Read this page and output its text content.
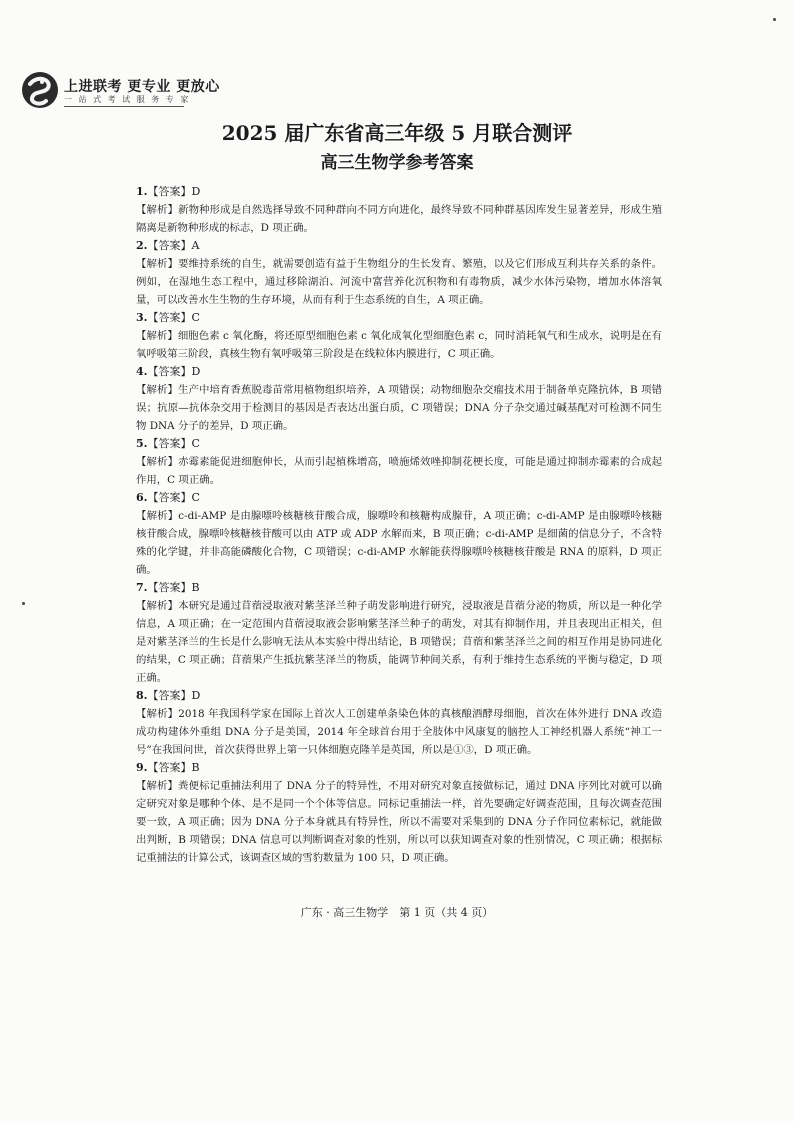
上进联考 更专业 更放心
一 站 式 考 试 服 务 专 家
2025 届广东省高三年级 5 月联合测评
高三生物学参考答案
1.【答案】D
【解析】新物种形成是自然选择导致不同种群向不同方向进化，最终导致不同种群基因库发生显著差异，形成生殖隔离是新物种形成的标志，D 项正确。
2.【答案】A
【解析】要维持系统的自生，就需要创造有益于生物组分的生长发育、繁殖，以及它们形成互利共存关系的条件。例如，在湿地生态工程中，通过移除湖泊、河流中富营养化沉积物和有毒物质，减少水体污染物，增加水体溶氧量，可以改善水生生物的生存环境，从而有利于生态系统的自生，A 项正确。
3.【答案】C
【解析】细胞色素 c 氧化酶，将还原型细胞色素 c 氧化成氧化型细胞色素 c，同时消耗氧气和生成水，说明是在有氧呼吸第三阶段，真核生物有氧呼吸第三阶段是在线粒体内膜进行，C 项正确。
4.【答案】D
【解析】生产中培育香蕉脱毒苗常用植物组织培养，A 项错误；动物细胞杂交瘤技术用于制备单克隆抗体，B 项错误；抗原—抗体杂交用于检测目的基因是否表达出蛋白质，C 项错误；DNA 分子杂交通过碱基配对可检测不同生物 DNA 分子的差异，D 项正确。
5.【答案】C
【解析】赤霉素能促进细胞伸长，从而引起植株增高，喷施烯效唑抑制花梗长度，可能是通过抑制赤霉素的合成起作用，C 项正确。
6.【答案】C
【解析】c-di-AMP 是由腺嘌呤核糖核苷酸合成，腺嘌呤和核糖构成腺苷，A 项正确；c-di-AMP 是由腺嘌呤核糖核苷酸合成，腺嘌呤核糖核苷酸可以由 ATP 或 ADP 水解而来，B 项正确；c-di-AMP 是细菌的信息分子，不含特殊的化学键，并非高能磷酸化合物，C 项错误；c-di-AMP 水解能获得腺嘌呤核糖核苷酸是 RNA 的原料，D 项正确。
7.【答案】B
【解析】本研究是通过苜蓿浸取液对紫茎泽兰种子萌发影响进行研究，浸取液是苜蓿分泌的物质，所以是一种化学信息，A 项正确；在一定范围内苜蓿浸取液会影响紫茎泽兰种子的萌发，对其有抑制作用，并且表现出正相关，但是对紫茎泽兰的生长是什么影响无法从本实验中得出结论，B 项错误；苜蓿和紫茎泽兰之间的相互作用是协同进化的结果，C 项正确；苜蓿果产生抵抗紫茎泽兰的物质，能调节种间关系，有利于维持生态系统的平衡与稳定，D 项正确。
8.【答案】D
【解析】2018 年我国科学家在国际上首次人工创建单条染色体的真核酿酒酵母细胞，首次在体外进行 DNA 改造成功构建体外重组 DNA 分子是美国，2014 年全球首台用于全肢体中风康复的脑控人工神经机器人系统“神工一号”在我国问世，首次获得世界上第一只体细胞克隆羊是英国，所以是①③，D 项正确。
9.【答案】B
【解析】粪便标记重捕法利用了 DNA 分子的特异性，不用对研究对象直接做标记，通过 DNA 序列比对就可以确定研究对象是哪种个体、是不是同一个个体等信息。同标记重捕法一样，首先要确定好调查范围，且每次调查范围要一致，A 项正确；因为 DNA 分子本身就具有特异性，所以不需要对采集到的 DNA 分子作同位素标记，就能做出判断，B 项错误；DNA 信息可以判断调查对象的性别，所以可以获知调查对象的性别情况，C 项正确；根据标记重捕法的计算公式，该调查区域的雪豹数量为 100 只，D 项正确。
广东 · 高三生物学　第 1 页（共 4 页）
